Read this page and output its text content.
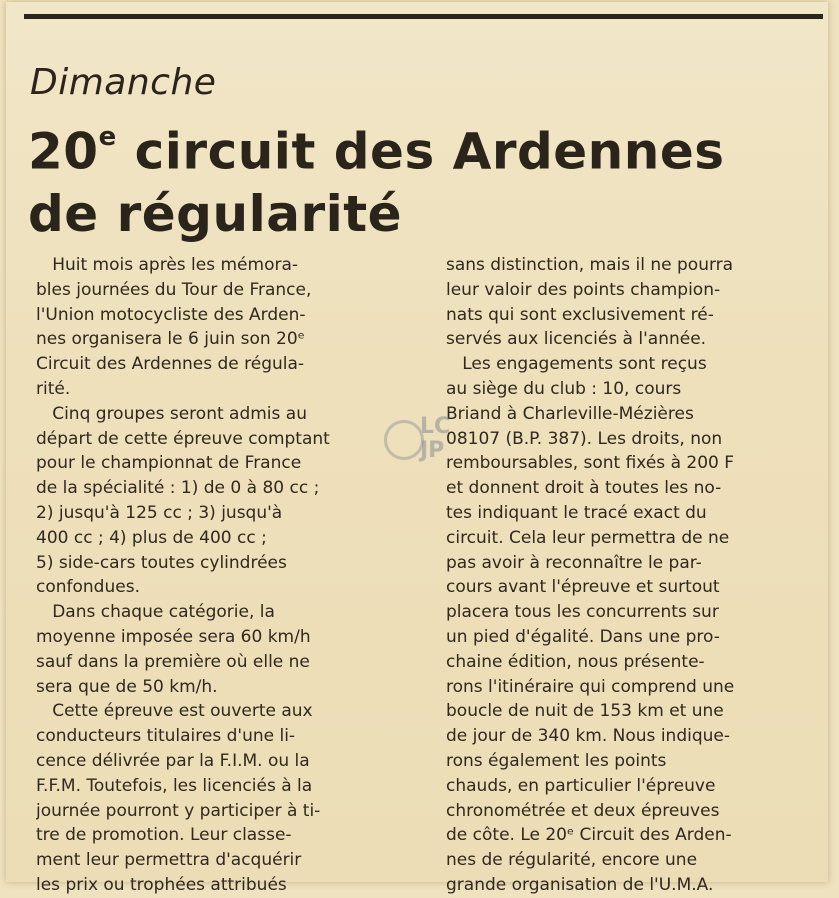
Dimanche
20e circuit des Ardennes
de régularité
Huit mois après les mémora-
bles journées du Tour de France,
l'Union motocycliste des Arden-
nes organisera le 6 juin son 20ᵉ
Circuit des Ardennes de régula-
rité.
Cinq groupes seront admis au
départ de cette épreuve comptant
pour le championnat de France
de la spécialité : 1) de 0 à 80 cc ;
2) jusqu'à 125 cc ; 3) jusqu'à
400 cc ; 4) plus de 400 cc ;
5) side-cars toutes cylindrées
confondues.
Dans chaque catégorie, la
moyenne imposée sera 60 km/h
sauf dans la première où elle ne
sera que de 50 km/h.
Cette épreuve est ouverte aux
conducteurs titulaires d'une li-
cence délivrée par la F.I.M. ou la
F.F.M. Toutefois, les licenciés à la
journée pourront y participer à ti-
tre de promotion. Leur classe-
ment leur permettra d'acquérir
les prix ou trophées attribués
sans distinction, mais il ne pourra
leur valoir des points champion-
nats qui sont exclusivement ré-
servés aux licenciés à l'année.
Les engagements sont reçus
au siège du club : 10, cours
Briand à Charleville-Mézières
08107 (B.P. 387). Les droits, non
remboursables, sont fixés à 200 F
et donnent droit à toutes les no-
tes indiquant le tracé exact du
circuit. Cela leur permettra de ne
pas avoir à reconnaître le par-
cours avant l'épreuve et surtout
placera tous les concurrents sur
un pied d'égalité. Dans une pro-
chaine édition, nous présente-
rons l'itinéraire qui comprend une
boucle de nuit de 153 km et une
de jour de 340 km. Nous indique-
rons également les points
chauds, en particulier l'épreuve
chronométrée et deux épreuves
de côte. Le 20ᵉ Circuit des Arden-
nes de régularité, encore une
grande organisation de l'U.M.A.
LC
JP
